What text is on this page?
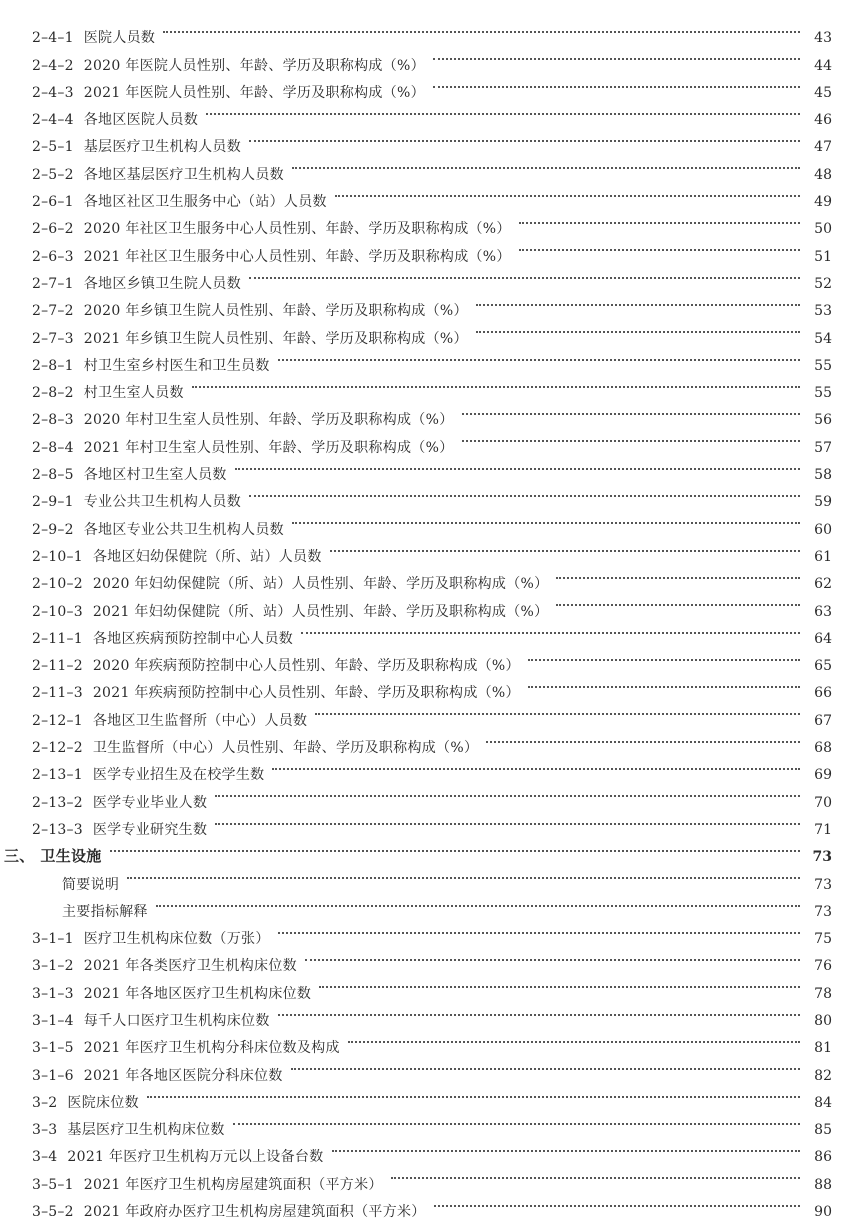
2–4–1 医院人员数	43
2–4–2 2020 年医院人员性别、年龄、学历及职称构成（%）	44
2–4–3 2021 年医院人员性别、年龄、学历及职称构成（%）	45
2–4–4 各地区医院人员数	46
2–5–1 基层医疗卫生机构人员数	47
2–5–2 各地区基层医疗卫生机构人员数	48
2–6–1 各地区社区卫生服务中心（站）人员数	49
2–6–2 2020 年社区卫生服务中心人员性别、年龄、学历及职称构成（%）	50
2–6–3 2021 年社区卫生服务中心人员性别、年龄、学历及职称构成（%）	51
2–7–1 各地区乡镇卫生院人员数	52
2–7–2 2020 年乡镇卫生院人员性别、年龄、学历及职称构成（%）	53
2–7–3 2021 年乡镇卫生院人员性别、年龄、学历及职称构成（%）	54
2–8–1 村卫生室乡村医生和卫生员数	55
2–8–2 村卫生室人员数	55
2–8–3 2020 年村卫生室人员性别、年龄、学历及职称构成（%）	56
2–8–4 2021 年村卫生室人员性别、年龄、学历及职称构成（%）	57
2–8–5 各地区村卫生室人员数	58
2–9–1 专业公共卫生机构人员数	59
2–9–2 各地区专业公共卫生机构人员数	60
2–10–1 各地区妇幼保健院（所、站）人员数	61
2–10–2 2020 年妇幼保健院（所、站）人员性别、年龄、学历及职称构成（%）	62
2–10–3 2021 年妇幼保健院（所、站）人员性别、年龄、学历及职称构成（%）	63
2–11–1 各地区疾病预防控制中心人员数	64
2–11–2 2020 年疾病预防控制中心人员性别、年龄、学历及职称构成（%）	65
2–11–3 2021 年疾病预防控制中心人员性别、年龄、学历及职称构成（%）	66
2–12–1 各地区卫生监督所（中心）人员数	67
2–12–2 卫生监督所（中心）人员性别、年龄、学历及职称构成（%）	68
2–13–1 医学专业招生及在校学生数	69
2–13–2 医学专业毕业人数	70
2–13–3 医学专业研究生数	71
三、 卫生设施	73
简要说明	73
主要指标解释	73
3–1–1 医疗卫生机构床位数（万张）	75
3–1–2 2021 年各类医疗卫生机构床位数	76
3–1–3 2021 年各地区医疗卫生机构床位数	78
3–1–4 每千人口医疗卫生机构床位数	80
3–1–5 2021 年医疗卫生机构分科床位数及构成	81
3–1–6 2021 年各地区医院分科床位数	82
3–2 医院床位数	84
3–3 基层医疗卫生机构床位数	85
3–4 2021 年医疗卫生机构万元以上设备台数	86
3–5–1 2021 年医疗卫生机构房屋建筑面积（平方米）	88
3–5–2 2021 年政府办医疗卫生机构房屋建筑面积（平方米）	90
